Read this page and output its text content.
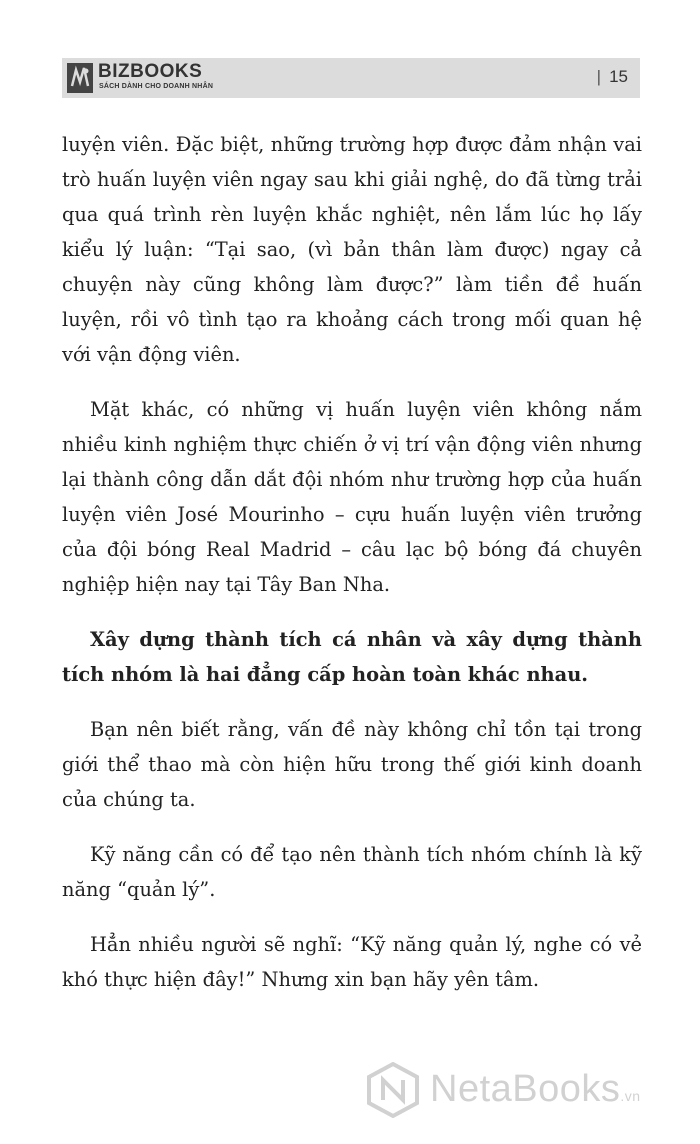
BIZBOOKS
SÁCH DÀNH CHO DOANH NHÂN
| 15

luyện viên. Đặc biệt, những trường hợp được đảm nhận vai trò huấn luyện viên ngay sau khi giải nghệ, do đã từng trải qua quá trình rèn luyện khắc nghiệt, nên lắm lúc họ lấy kiểu lý luận: “Tại sao, (vì bản thân làm được) ngay cả chuyện này cũng không làm được?” làm tiền đề huấn luyện, rồi vô tình tạo ra khoảng cách trong mối quan hệ với vận động viên.

Mặt khác, có những vị huấn luyện viên không nắm nhiều kinh nghiệm thực chiến ở vị trí vận động viên nhưng lại thành công dẫn dắt đội nhóm như trường hợp của huấn luyện viên José Mourinho – cựu huấn luyện viên trưởng của đội bóng Real Madrid – câu lạc bộ bóng đá chuyên nghiệp hiện nay tại Tây Ban Nha.

Xây dựng thành tích cá nhân và xây dựng thành tích nhóm là hai đẳng cấp hoàn toàn khác nhau.

Bạn nên biết rằng, vấn đề này không chỉ tồn tại trong giới thể thao mà còn hiện hữu trong thế giới kinh doanh của chúng ta.

Kỹ năng cần có để tạo nên thành tích nhóm chính là kỹ năng “quản lý”.

Hẳn nhiều người sẽ nghĩ: “Kỹ năng quản lý, nghe có vẻ khó thực hiện đây!” Nhưng xin bạn hãy yên tâm.

NetaBooks.vn
